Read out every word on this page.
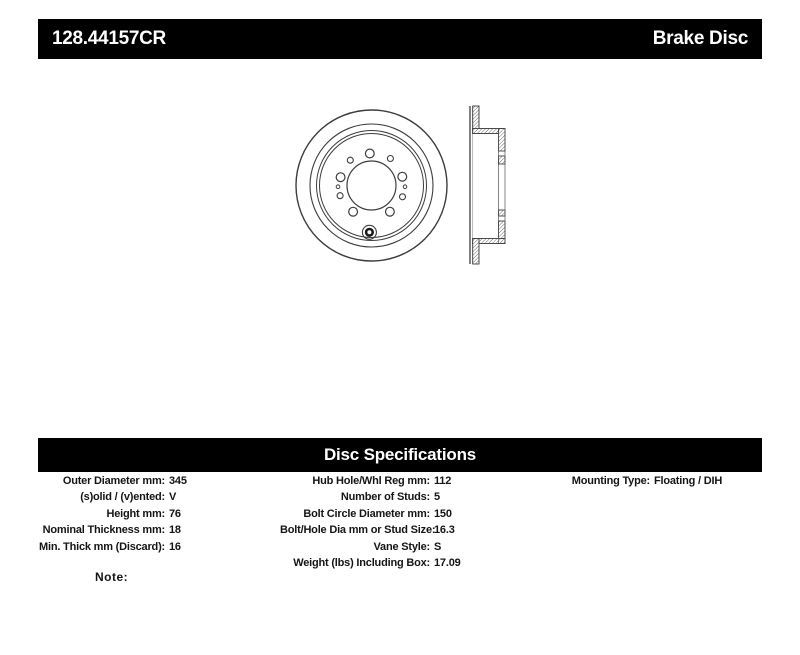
128.44157CR	Brake Disc
Disc Specifications
Outer Diameter mm: 345
(s)olid / (v)ented: V
Height mm: 76
Nominal Thickness mm: 18
Min. Thick mm (Discard): 16
Hub Hole/Whl Reg mm: 112
Number of Studs: 5
Bolt Circle Diameter mm: 150
Bolt/Hole Dia mm or Stud Size:
16.3
Vane Style: S
Weight (lbs) Including Box: 17.09
Mounting Type: Floating / DIH
Note:
